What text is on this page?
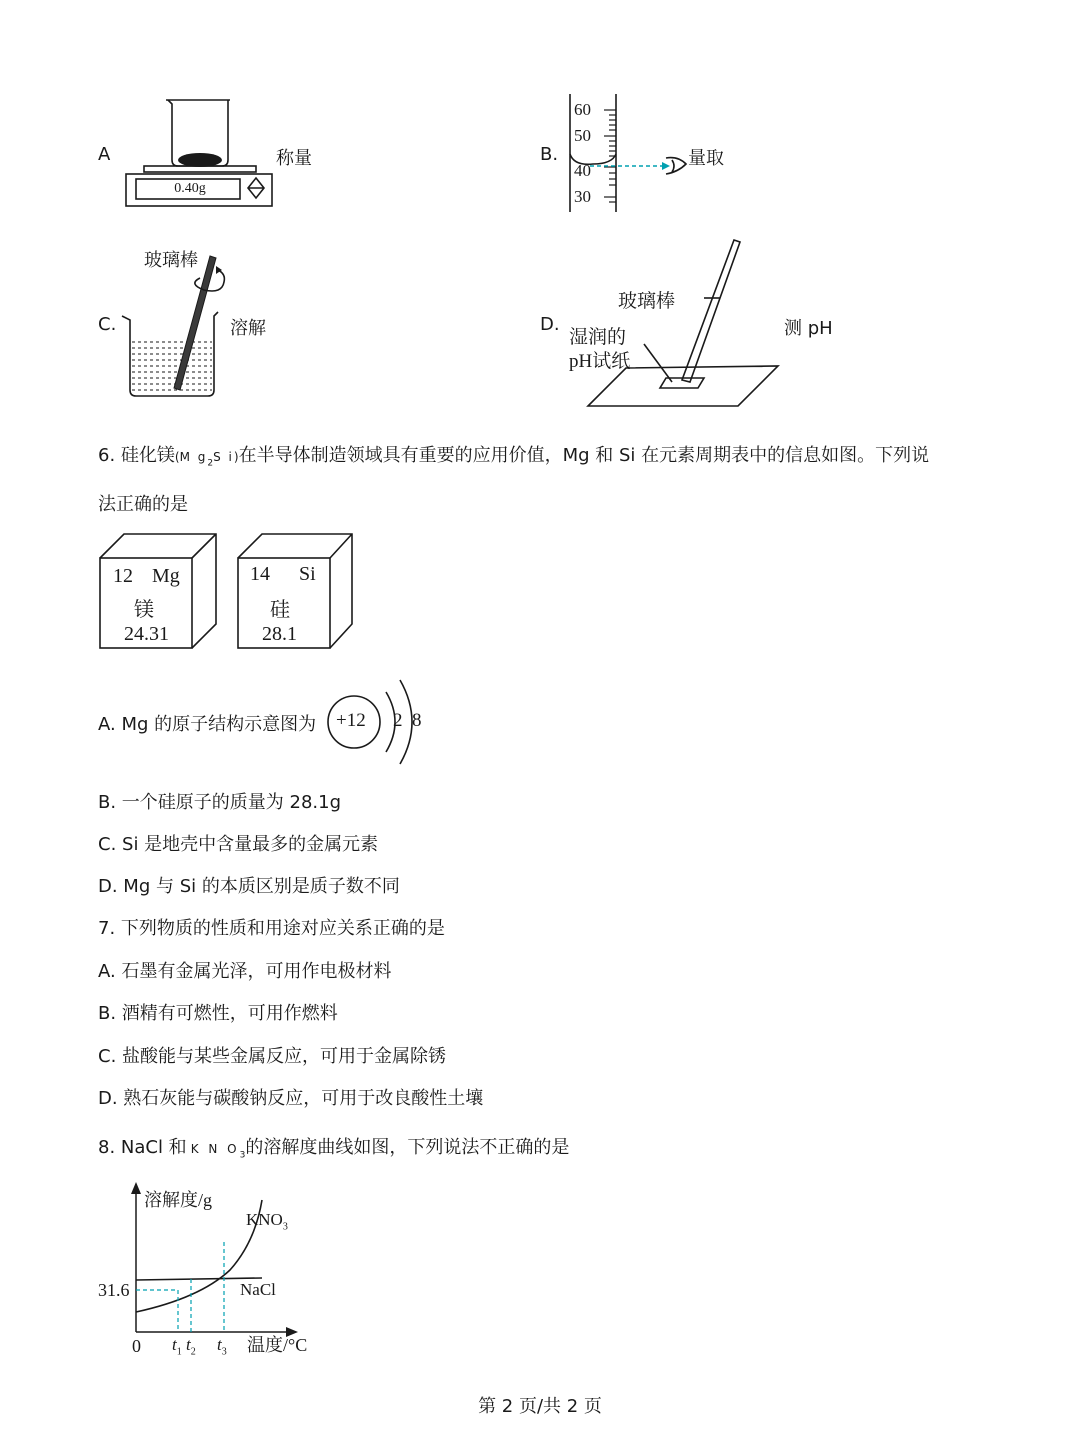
A
0.40g
称量	B.
60
50
40
30
量取
C.
玻璃棒
溶解	D.
玻璃棒
湿润的
pH试纸
测 pH
6. 硅化镁(M $g_2S$ i)在半导体制造领域具有重要的应用价值，Mg 和 Si 在元素周期表中的信息如图。下列说
法正确的是
12 Mg
镁
24.31
14 Si
硅
28.1
A. Mg 的原子结构示意图为 +12 2 8
B. 一个硅原子的质量为 28.1g
C. Si 是地壳中含量最多的金属元素
D. Mg 与 Si 的本质区别是质子数不同
7. 下列物质的性质和用途对应关系正确的是
A. 石墨有金属光泽，可用作电极材料
B. 酒精有可燃性，可用作燃料
C. 盐酸能与某些金属反应，可用于金属除锈
D. 熟石灰能与碳酸钠反应，可用于改良酸性土壤
8. NaCl 和 K N $O_3$的溶解度曲线如图，下列说法不正确的是
溶解度/g
温度/°C
0
31.6
$KNO_3$
NaCl
$t_1$ $t_2$ $t_3$
第 2 页/共 2 页
